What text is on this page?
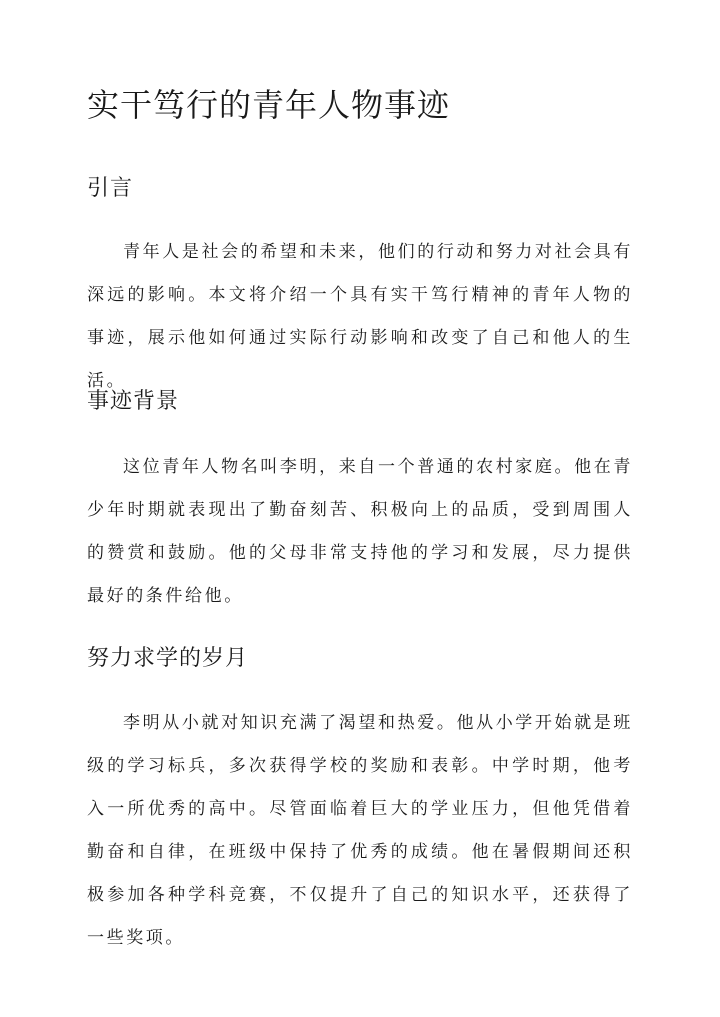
实干笃行的青年人物事迹
引言

青年人是社会的希望和未来，他们的行动和努力对社会具有深远的影响。本文将介绍一个具有实干笃行精神的青年人物的事迹，展示他如何通过实际行动影响和改变了自己和他人的生活。

事迹背景

这位青年人物名叫李明，来自一个普通的农村家庭。他在青少年时期就表现出了勤奋刻苦、积极向上的品质，受到周围人的赞赏和鼓励。他的父母非常支持他的学习和发展，尽力提供最好的条件给他。

努力求学的岁月

李明从小就对知识充满了渴望和热爱。他从小学开始就是班级的学习标兵，多次获得学校的奖励和表彰。中学时期，他考入一所优秀的高中。尽管面临着巨大的学业压力，但他凭借着勤奋和自律，在班级中保持了优秀的成绩。他在暑假期间还积极参加各种学科竞赛，不仅提升了自己的知识水平，还获得了一些奖项。
